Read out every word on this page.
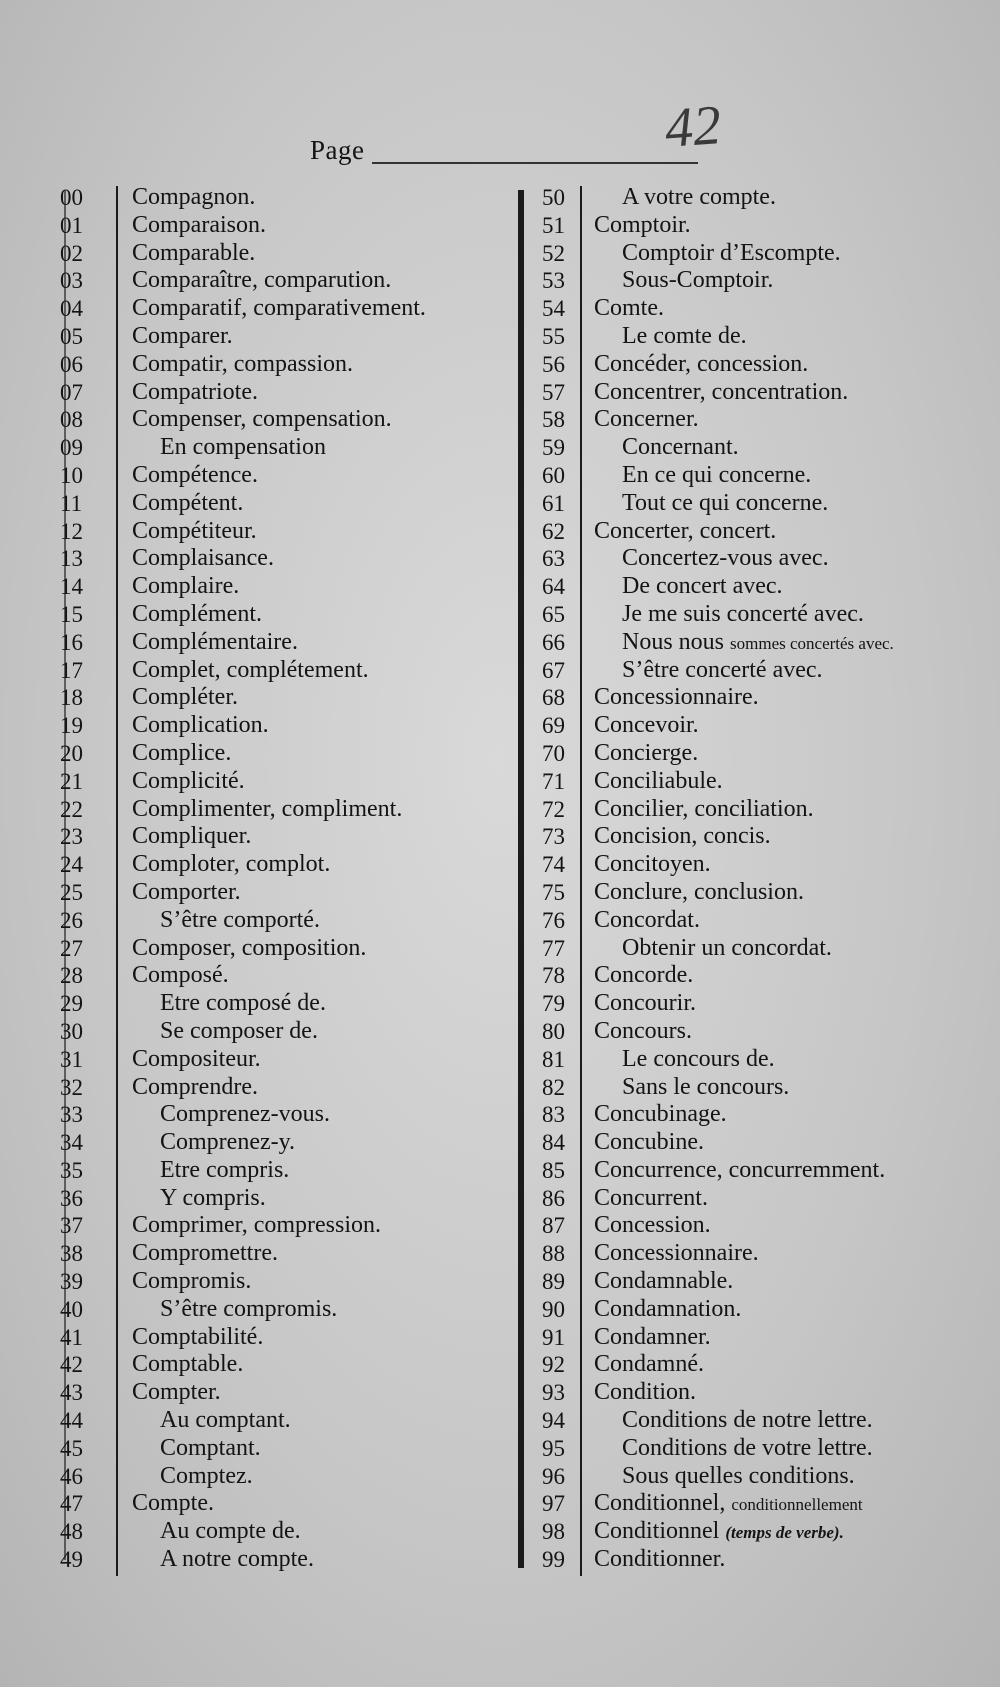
Page	42
00	Compagnon.
01	Comparaison.
02	Comparable.
03	Comparaître, comparution.
04	Comparatif, comparativement.
05	Comparer.
06	Compatir, compassion.
07	Compatriote.
08	Compenser, compensation.
09	En compensation
10	Compétence.
11	Compétent.
12	Compétiteur.
13	Complaisance.
14	Complaire.
15	Complément.
16	Complémentaire.
17	Complet, complétement.
18	Compléter.
19	Complication.
20	Complice.
21	Complicité.
22	Complimenter, compliment.
23	Compliquer.
24	Comploter, complot.
25	Comporter.
26	S’être comporté.
27	Composer, composition.
28	Composé.
29	Etre composé de.
30	Se composer de.
31	Compositeur.
32	Comprendre.
33	Comprenez-vous.
34	Comprenez-y.
35	Etre compris.
36	Y compris.
37	Comprimer, compression.
38	Compromettre.
39	Compromis.
40	S’être compromis.
41	Comptabilité.
42	Comptable.
43	Compter.
44	Au comptant.
45	Comptant.
46	Comptez.
47	Compte.
48	Au compte de.
49	A notre compte.
50	A votre compte.
51	Comptoir.
52	Comptoir d’Escompte.
53	Sous-Comptoir.
54	Comte.
55	Le comte de.
56	Concéder, concession.
57	Concentrer, concentration.
58	Concerner.
59	Concernant.
60	En ce qui concerne.
61	Tout ce qui concerne.
62	Concerter, concert.
63	Concertez-vous avec.
64	De concert avec.
65	Je me suis concerté avec.
66	Nous nous sommes concertés avec.
67	S’être concerté avec.
68	Concessionnaire.
69	Concevoir.
70	Concierge.
71	Conciliabule.
72	Concilier, conciliation.
73	Concision, concis.
74	Concitoyen.
75	Conclure, conclusion.
76	Concordat.
77	Obtenir un concordat.
78	Concorde.
79	Concourir.
80	Concours.
81	Le concours de.
82	Sans le concours.
83	Concubinage.
84	Concubine.
85	Concurrence, concurremment.
86	Concurrent.
87	Concession.
88	Concessionnaire.
89	Condamnable.
90	Condamnation.
91	Condamner.
92	Condamné.
93	Condition.
94	Conditions de notre lettre.
95	Conditions de votre lettre.
96	Sous quelles conditions.
97	Conditionnel, conditionnellement
98	Conditionnel (temps de verbe).
99	Conditionner.
